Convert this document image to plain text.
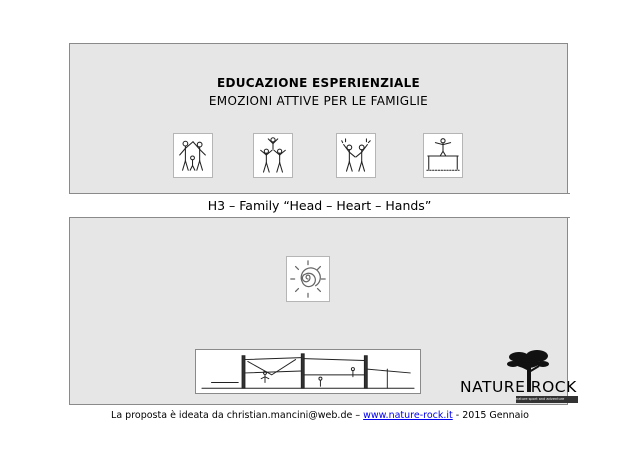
EDUCAZIONE ESPERIENZIALE
EMOZIONI ATTIVE PER LE FAMIGLIE
H3 – Family “Head – Heart – Hands”
NATURE ROCK
nature sport and adventure
La proposta è ideata da christian.mancini@web.de – www.nature-rock.it - 2015 Gennaio
